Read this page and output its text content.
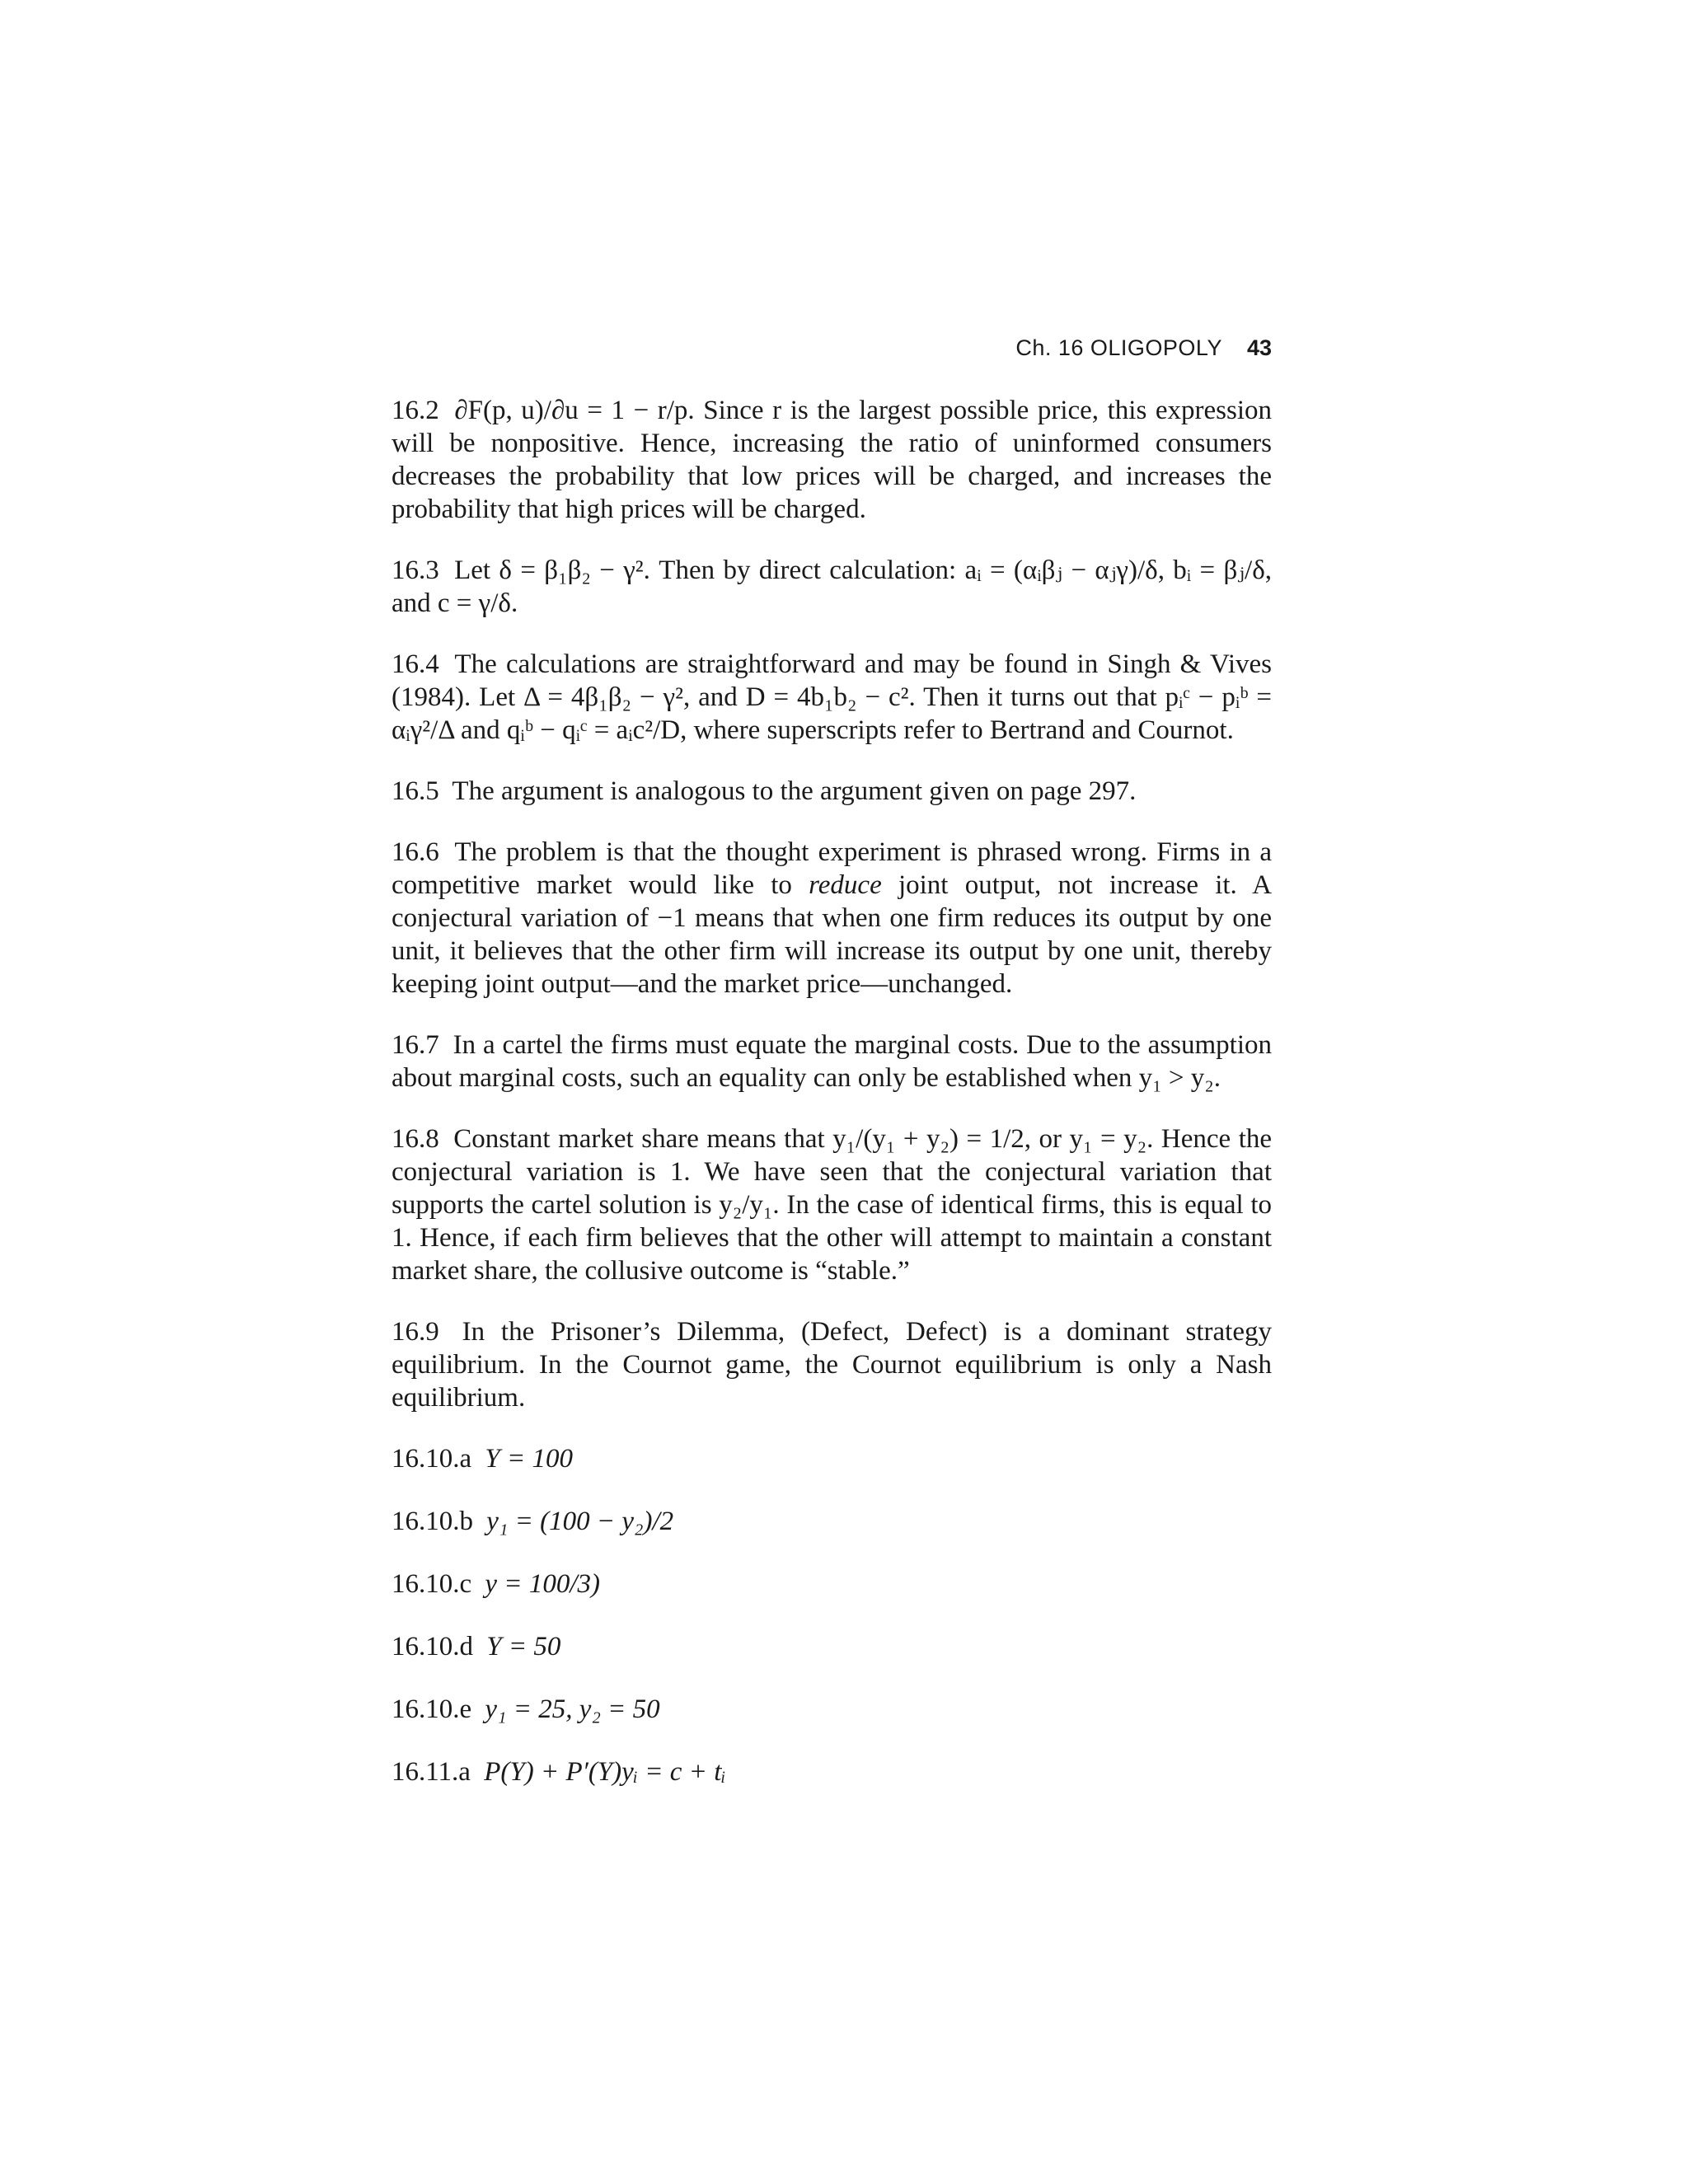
Ch. 16 OLIGOPOLY 43

16.2 ∂F(p, u)/∂u = 1 − r/p. Since r is the largest possible price, this expression will be nonpositive. Hence, increasing the ratio of uninformed consumers decreases the probability that low prices will be charged, and increases the probability that high prices will be charged.

16.3 Let δ = β₁β₂ − γ². Then by direct calculation: aᵢ = (αᵢβⱼ − αⱼγ)/δ, bᵢ = βⱼ/δ, and c = γ/δ.

16.4 The calculations are straightforward and may be found in Singh & Vives (1984). Let Δ = 4β₁β₂ − γ², and D = 4b₁b₂ − c². Then it turns out that pᵢᶜ − pᵢᵇ = αᵢγ²/Δ and qᵢᵇ − qᵢᶜ = aᵢc²/D, where superscripts refer to Bertrand and Cournot.

16.5 The argument is analogous to the argument given on page 297.

16.6 The problem is that the thought experiment is phrased wrong. Firms in a competitive market would like to reduce joint output, not increase it. A conjectural variation of −1 means that when one firm reduces its output by one unit, it believes that the other firm will increase its output by one unit, thereby keeping joint output—and the market price—unchanged.

16.7 In a cartel the firms must equate the marginal costs. Due to the assumption about marginal costs, such an equality can only be established when y₁ > y₂.

16.8 Constant market share means that y₁/(y₁ + y₂) = 1/2, or y₁ = y₂. Hence the conjectural variation is 1. We have seen that the conjectural variation that supports the cartel solution is y₂/y₁. In the case of identical firms, this is equal to 1. Hence, if each firm believes that the other will attempt to maintain a constant market share, the collusive outcome is “stable.”

16.9 In the Prisoner’s Dilemma, (Defect, Defect) is a dominant strategy equilibrium. In the Cournot game, the Cournot equilibrium is only a Nash equilibrium.

16.10.a Y = 100

16.10.b y₁ = (100 − y₂)/2

16.10.c y = 100/3)

16.10.d Y = 50

16.10.e y₁ = 25, y₂ = 50

16.11.a P(Y) + P′(Y)yᵢ = c + tᵢ
